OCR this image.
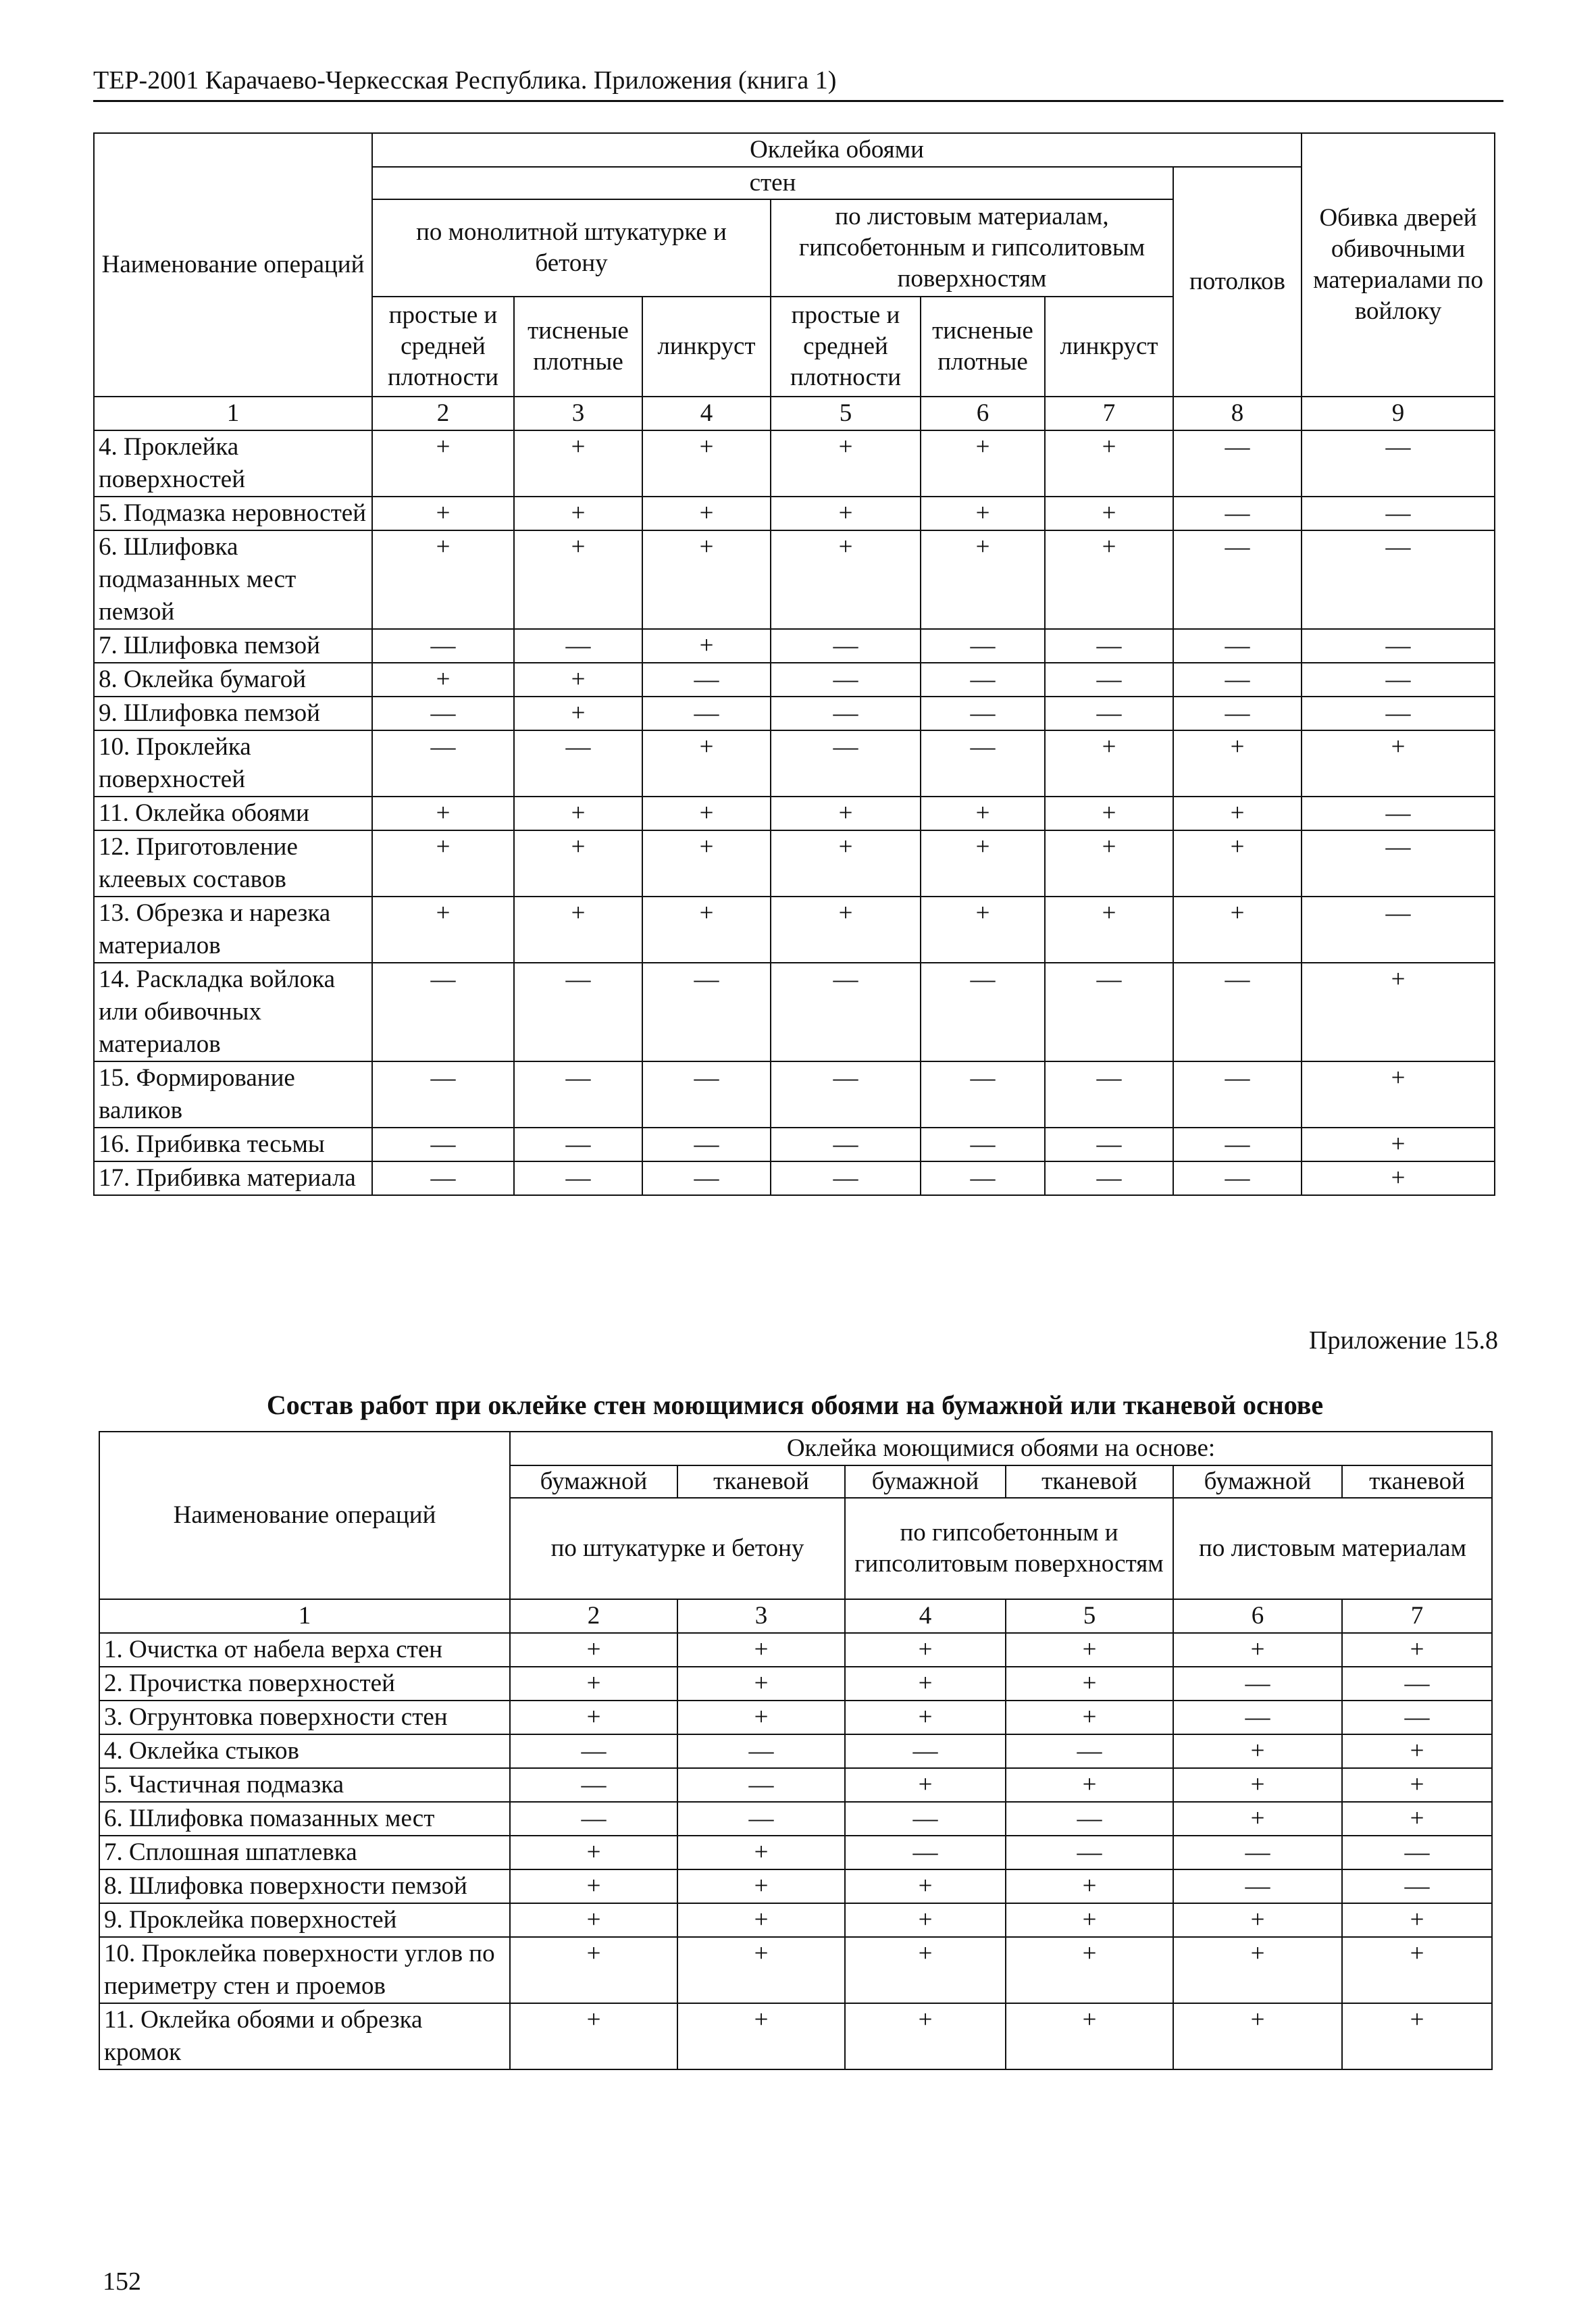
ТЕР-2001 Карачаево-Черкесская Республика. Приложения (книга 1)
Наименование операций	Оклейка обоями							Обивка дверей обивочными материалами по войлоку
	стен						потолков	
	по монолитной штукатурке и бетону			по листовым материалам, гипсобетонным и гипсолитовым поверхностям				
	простые и средней плотности	тисненые плотные	линкруст	простые и средней плотности	тисненые плотные	линкруст		
1	2	3	4	5	6	7	8	9
4. Проклейка поверхностей	+	+	+	+	+	+	—	—
5. Подмазка неровностей	+	+	+	+	+	+	—	—
6. Шлифовка подмазанных мест пемзой	+	+	+	+	+	+	—	—
7. Шлифовка пемзой	—	—	+	—	—	—	—	—
8. Оклейка бумагой	+	+	—	—	—	—	—	—
9. Шлифовка пемзой	—	+	—	—	—	—	—	—
10. Проклейка поверхностей	—	—	+	—	—	+	+	+
11. Оклейка обоями	+	+	+	+	+	+	+	—
12. Приготовление клеевых составов	+	+	+	+	+	+	+	—
13. Обрезка и нарезка материалов	+	+	+	+	+	+	+	—
14. Раскладка войлока или обивочных материалов	—	—	—	—	—	—	—	+
15. Формирование валиков	—	—	—	—	—	—	—	+
16. Прибивка тесьмы	—	—	—	—	—	—	—	+
17. Прибивка материала	—	—	—	—	—	—	—	+
Приложение 15.8
Состав работ при оклейке стен моющимися обоями на бумажной или тканевой основе
Наименование операций	Оклейка моющимися обоями на основе:					
	бумажной	тканевой	бумажной	тканевой	бумажной	тканевой
	по штукатурке и бетону		по гипсобетонным и гипсолитовым поверхностям		по листовым материалам	
1	2	3	4	5	6	7
1. Очистка от набела верха стен	+	+	+	+	+	+
2. Прочистка поверхностей	+	+	+	+	—	—
3. Огрунтовка поверхности стен	+	+	+	+	—	—
4. Оклейка стыков	—	—	—	—	+	+
5. Частичная подмазка	—	—	+	+	+	+
6. Шлифовка помазанных мест	—	—	—	—	+	+
7. Сплошная шпатлевка	+	+	—	—	—	—
8. Шлифовка поверхности пемзой	+	+	+	+	—	—
9. Проклейка поверхностей	+	+	+	+	+	+
10. Проклейка поверхности углов по периметру стен и проемов	+	+	+	+	+	+
11. Оклейка обоями и обрезка кромок	+	+	+	+	+	+
152
